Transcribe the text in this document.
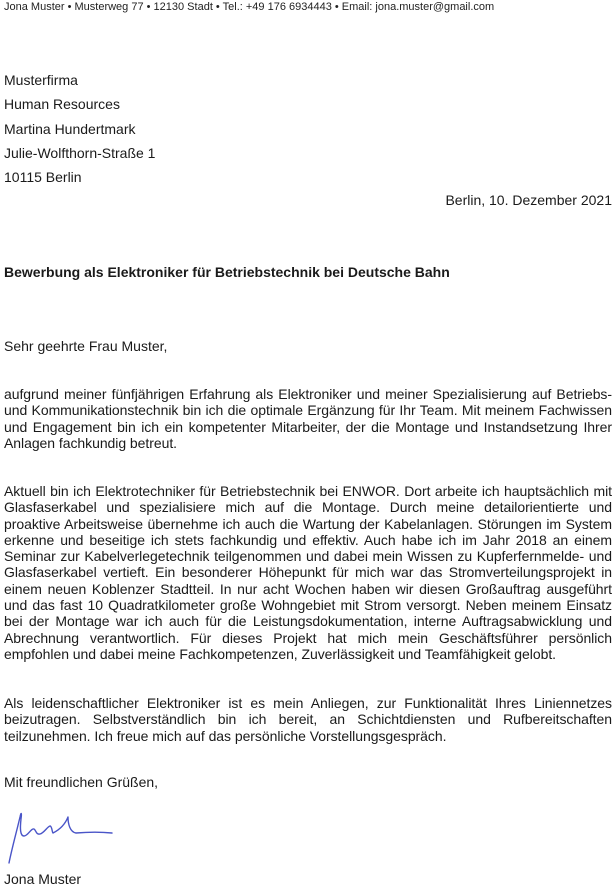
Jona Muster • Musterweg 77 • 12130 Stadt • Tel.: +49 176 6934443 • Email: jona.muster@gmail.com
Musterfirma
Human Resources
Martina Hundertmark
Julie-Wolfthorn-Straße 1
10115 Berlin
Berlin, 10. Dezember 2021
Bewerbung als Elektroniker für Betriebstechnik bei Deutsche Bahn
Sehr geehrte Frau Muster,
aufgrund meiner fünfjährigen Erfahrung als Elektroniker und meiner Spezialisierung auf Betriebs- und Kommunikationstechnik bin ich die optimale Ergänzung für Ihr Team. Mit meinem Fachwissen und Engagement bin ich ein kompetenter Mitarbeiter, der die Montage und Instandsetzung Ihrer Anlagen fachkundig betreut.
Aktuell bin ich Elektrotechniker für Betriebstechnik bei ENWOR. Dort arbeite ich hauptsächlich mit Glasfaserkabel und spezialisiere mich auf die Montage. Durch meine detailorientierte und proaktive Arbeitsweise übernehme ich auch die Wartung der Kabelanlagen. Störungen im System erkenne und beseitige ich stets fachkundig und effektiv. Auch habe ich im Jahr 2018 an einem Seminar zur Kabelverlegetechnik teilgenommen und dabei mein Wissen zu Kupferfernmelde- und Glasfaserkabel vertieft. Ein besonderer Höhepunkt für mich war das Stromverteilungsprojekt in einem neuen Koblenzer Stadtteil. In nur acht Wochen haben wir diesen Großauftrag ausgeführt und das fast 10 Quadratkilometer große Wohngebiet mit Strom versorgt. Neben meinem Einsatz bei der Montage war ich auch für die Leistungsdokumentation, interne Auftragsabwicklung und Abrechnung verantwortlich. Für dieses Projekt hat mich mein Geschäftsführer persönlich empfohlen und dabei meine Fachkompetenzen, Zuverlässigkeit und Teamfähigkeit gelobt.
Als leidenschaftlicher Elektroniker ist es mein Anliegen, zur Funktionalität Ihres Liniennetzes beizutragen. Selbstverständlich bin ich bereit, an Schichtdiensten und Rufbereitschaften teilzunehmen. Ich freue mich auf das persönliche Vorstellungsgespräch.
Mit freundlichen Grüßen,
Jona Muster
